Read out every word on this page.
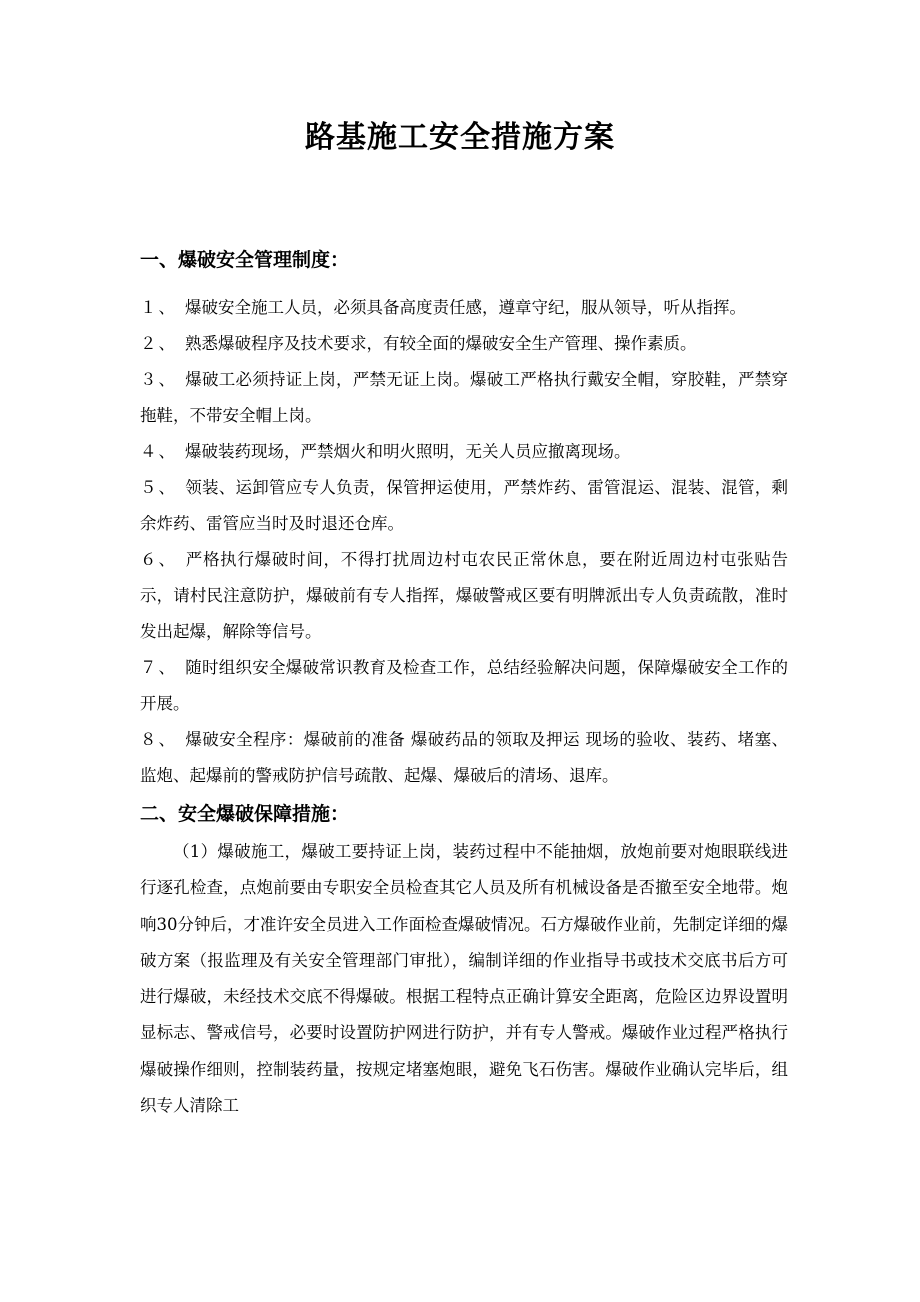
路基施工安全措施方案
一、爆破安全管理制度：

１、 爆破安全施工人员，必须具备高度责任感，遵章守纪，服从领导，听从指挥。

２、 熟悉爆破程序及技术要求，有较全面的爆破安全生产管理、操作素质。

３、 爆破工必须持证上岗，严禁无证上岗。爆破工严格执行戴安全帽，穿胶鞋，严禁穿拖鞋，不带安全帽上岗。

４、 爆破装药现场，严禁烟火和明火照明，无关人员应撤离现场。

５、 领装、运卸管应专人负责，保管押运使用，严禁炸药、雷管混运、混装、混管，剩余炸药、雷管应当时及时退还仓库。

６、 严格执行爆破时间，不得打扰周边村屯农民正常休息，要在附近周边村屯张贴告示，请村民注意防护，爆破前有专人指挥，爆破警戒区要有明牌派出专人负责疏散，准时发出起爆，解除等信号。

７、 随时组织安全爆破常识教育及检查工作，总结经验解决问题，保障爆破安全工作的开展。

８、 爆破安全程序：爆破前的准备 爆破药品的领取及押运 现场的验收、装药、堵塞、监炮、起爆前的警戒防护信号疏散、起爆、爆破后的清场、退库。

二、安全爆破保障措施：

（1）爆破施工，爆破工要持证上岗，装药过程中不能抽烟，放炮前要对炮眼联线进行逐孔检查，点炮前要由专职安全员检查其它人员及所有机械设备是否撤至安全地带。炮响30分钟后，才准许安全员进入工作面检查爆破情况。石方爆破作业前，先制定详细的爆破方案（报监理及有关安全管理部门审批），编制详细的作业指导书或技术交底书后方可进行爆破，未经技术交底不得爆破。根据工程特点正确计算安全距离，危险区边界设置明显标志、警戒信号，必要时设置防护网进行防护，并有专人警戒。爆破作业过程严格执行爆破操作细则，控制装药量，按规定堵塞炮眼，避免飞石伤害。爆破作业确认完毕后，组织专人清除工
